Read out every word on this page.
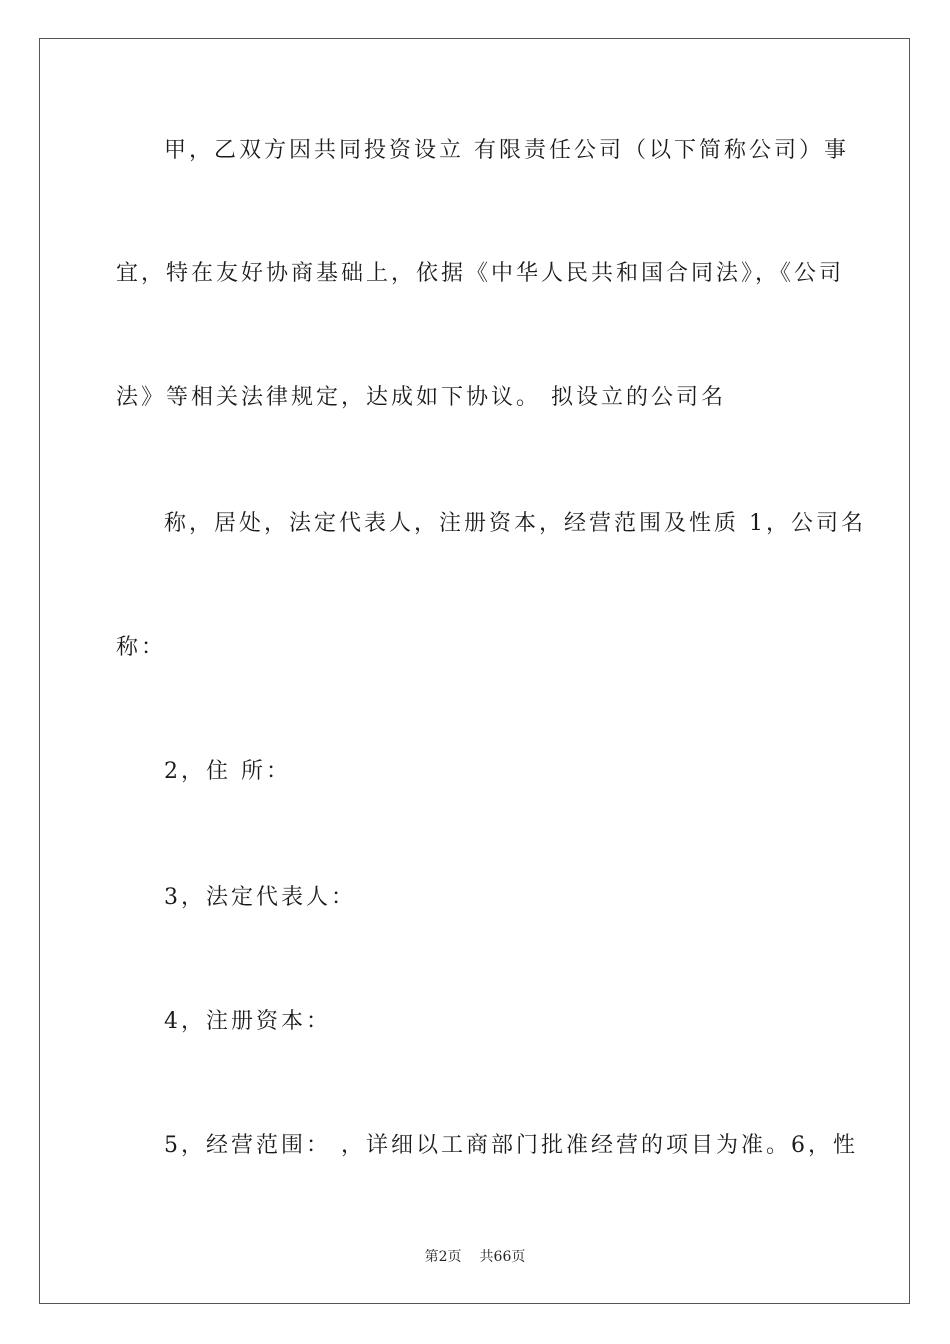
甲，乙双方因共同投资设立 有限责任公司（以下简称公司）事
宜，特在友好协商基础上，依据《中华人民共和国合同法》，《公司
法》等相关法律规定，达成如下协议。 拟设立的公司名
称，居处，法定代表人，注册资本，经营范围及性质 1，公司名
称：
2，住 所：
3，法定代表人：
4，注册资本：
5，经营范围： ，详细以工商部门批准经营的项目为准。6，性
第2页 共66页
